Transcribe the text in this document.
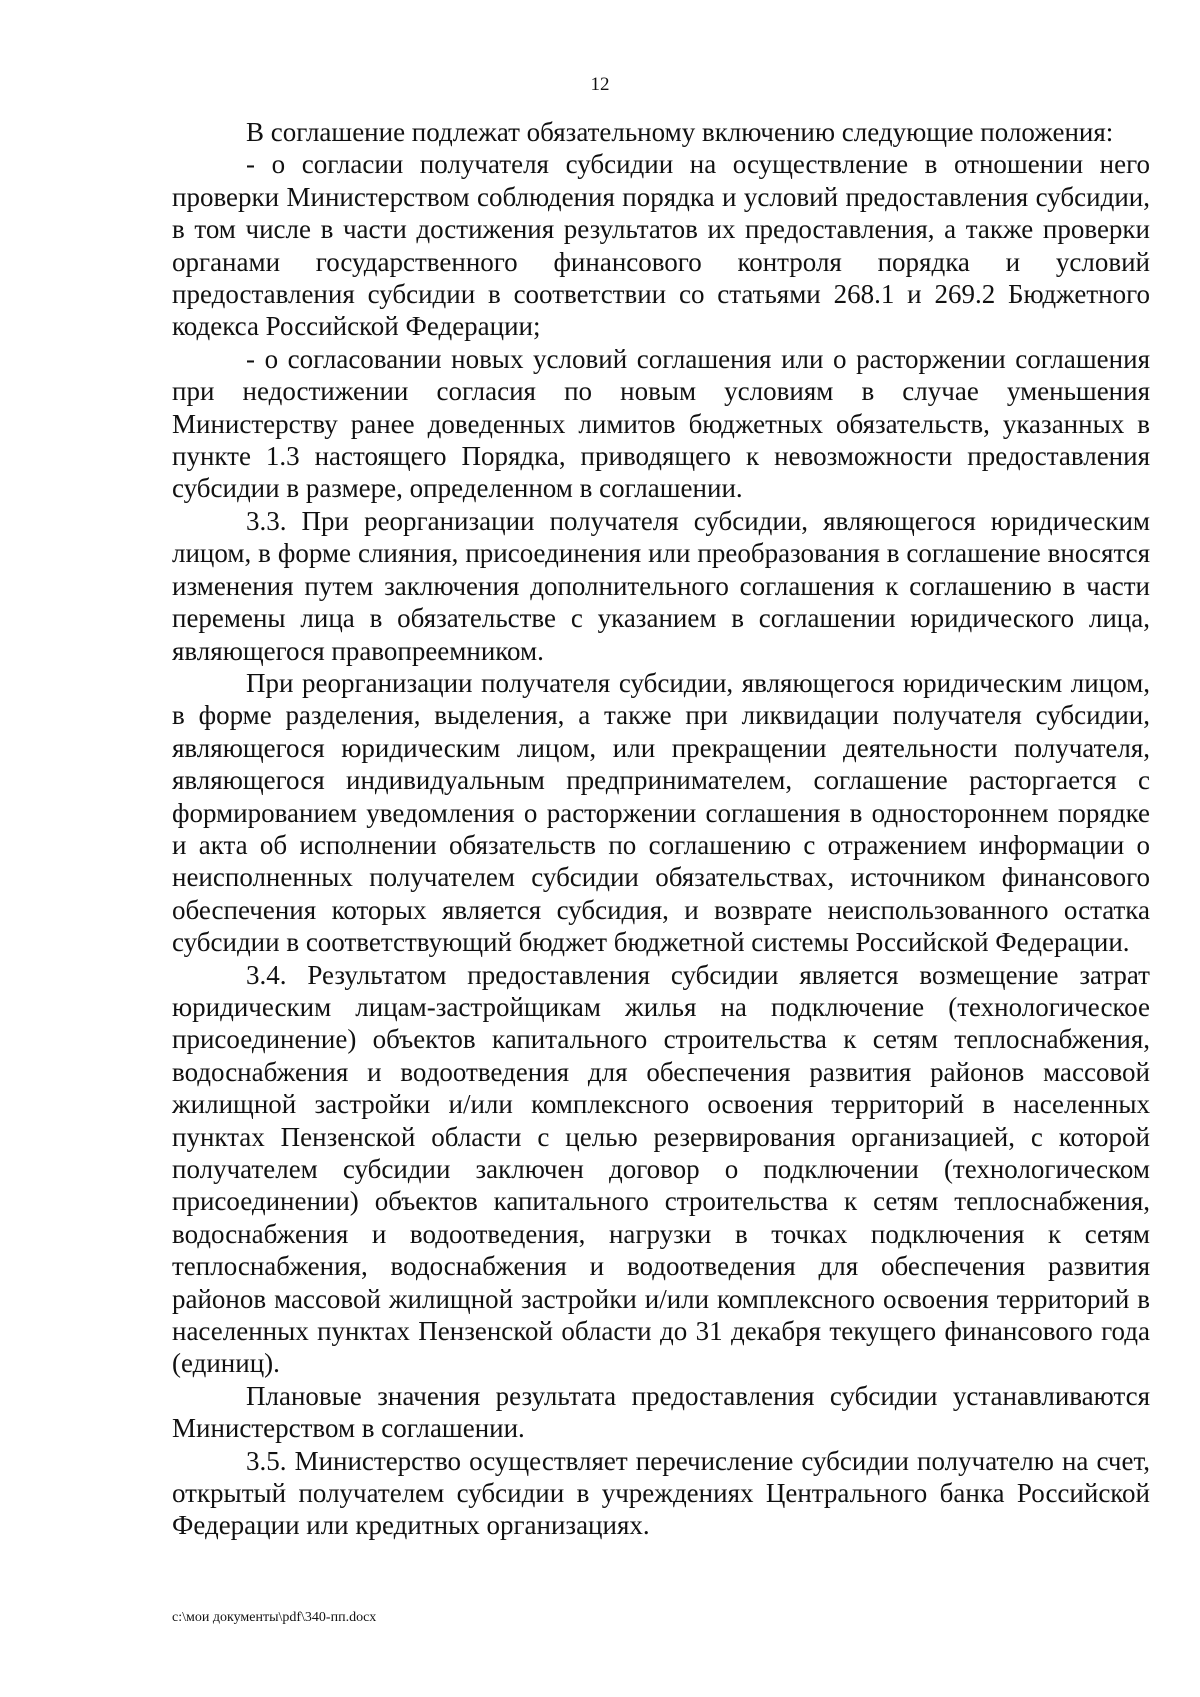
12

В соглашение подлежат обязательному включению следующие положения:

- о согласии получателя субсидии на осуществление в отношении него проверки Министерством соблюдения порядка и условий предоставления субсидии, в том числе в части достижения результатов их предоставления, а также проверки органами государственного финансового контроля порядка и условий предоставления субсидии в соответствии со статьями 268.1 и 269.2 Бюджетного кодекса Российской Федерации;

- о согласовании новых условий соглашения или о расторжении соглашения при недостижении согласия по новым условиям в случае уменьшения Министерству ранее доведенных лимитов бюджетных обязательств, указанных в пункте 1.3 настоящего Порядка, приводящего к невозможности предоставления субсидии в размере, определенном в соглашении.

3.3. При реорганизации получателя субсидии, являющегося юридическим лицом, в форме слияния, присоединения или преобразования в соглашение вносятся изменения путем заключения дополнительного соглашения к соглашению в части перемены лица в обязательстве с указанием в соглашении юридического лица, являющегося правопреемником.

При реорганизации получателя субсидии, являющегося юридическим лицом, в форме разделения, выделения, а также при ликвидации получателя субсидии, являющегося юридическим лицом, или прекращении деятельности получателя, являющегося индивидуальным предпринимателем, соглашение расторгается с формированием уведомления о расторжении соглашения в одностороннем порядке и акта об исполнении обязательств по соглашению с отражением информации о неисполненных получателем субсидии обязательствах, источником финансового обеспечения которых является субсидия, и возврате неиспользованного остатка субсидии в соответствующий бюджет бюджетной системы Российской Федерации.

3.4. Результатом предоставления субсидии является возмещение затрат юридическим лицам-застройщикам жилья на подключение (технологическое присоединение) объектов капитального строительства к сетям теплоснабжения, водоснабжения и водоотведения для обеспечения развития районов массовой жилищной застройки и/или комплексного освоения территорий в населенных пунктах Пензенской области с целью резервирования организацией, с которой получателем субсидии заключен договор о подключении (технологическом присоединении) объектов капитального строительства к сетям теплоснабжения, водоснабжения и водоотведения, нагрузки в точках подключения к сетям теплоснабжения, водоснабжения и водоотведения для обеспечения развития районов массовой жилищной застройки и/или комплексного освоения территорий в населенных пунктах Пензенской области до 31 декабря текущего финансового года (единиц).

Плановые значения результата предоставления субсидии устанавливаются Министерством в соглашении.

3.5. Министерство осуществляет перечисление субсидии получателю на счет, открытый получателем субсидии в учреждениях Центрального банка Российской Федерации или кредитных организациях.

c:\мои документы\pdf\340-пп.docx
